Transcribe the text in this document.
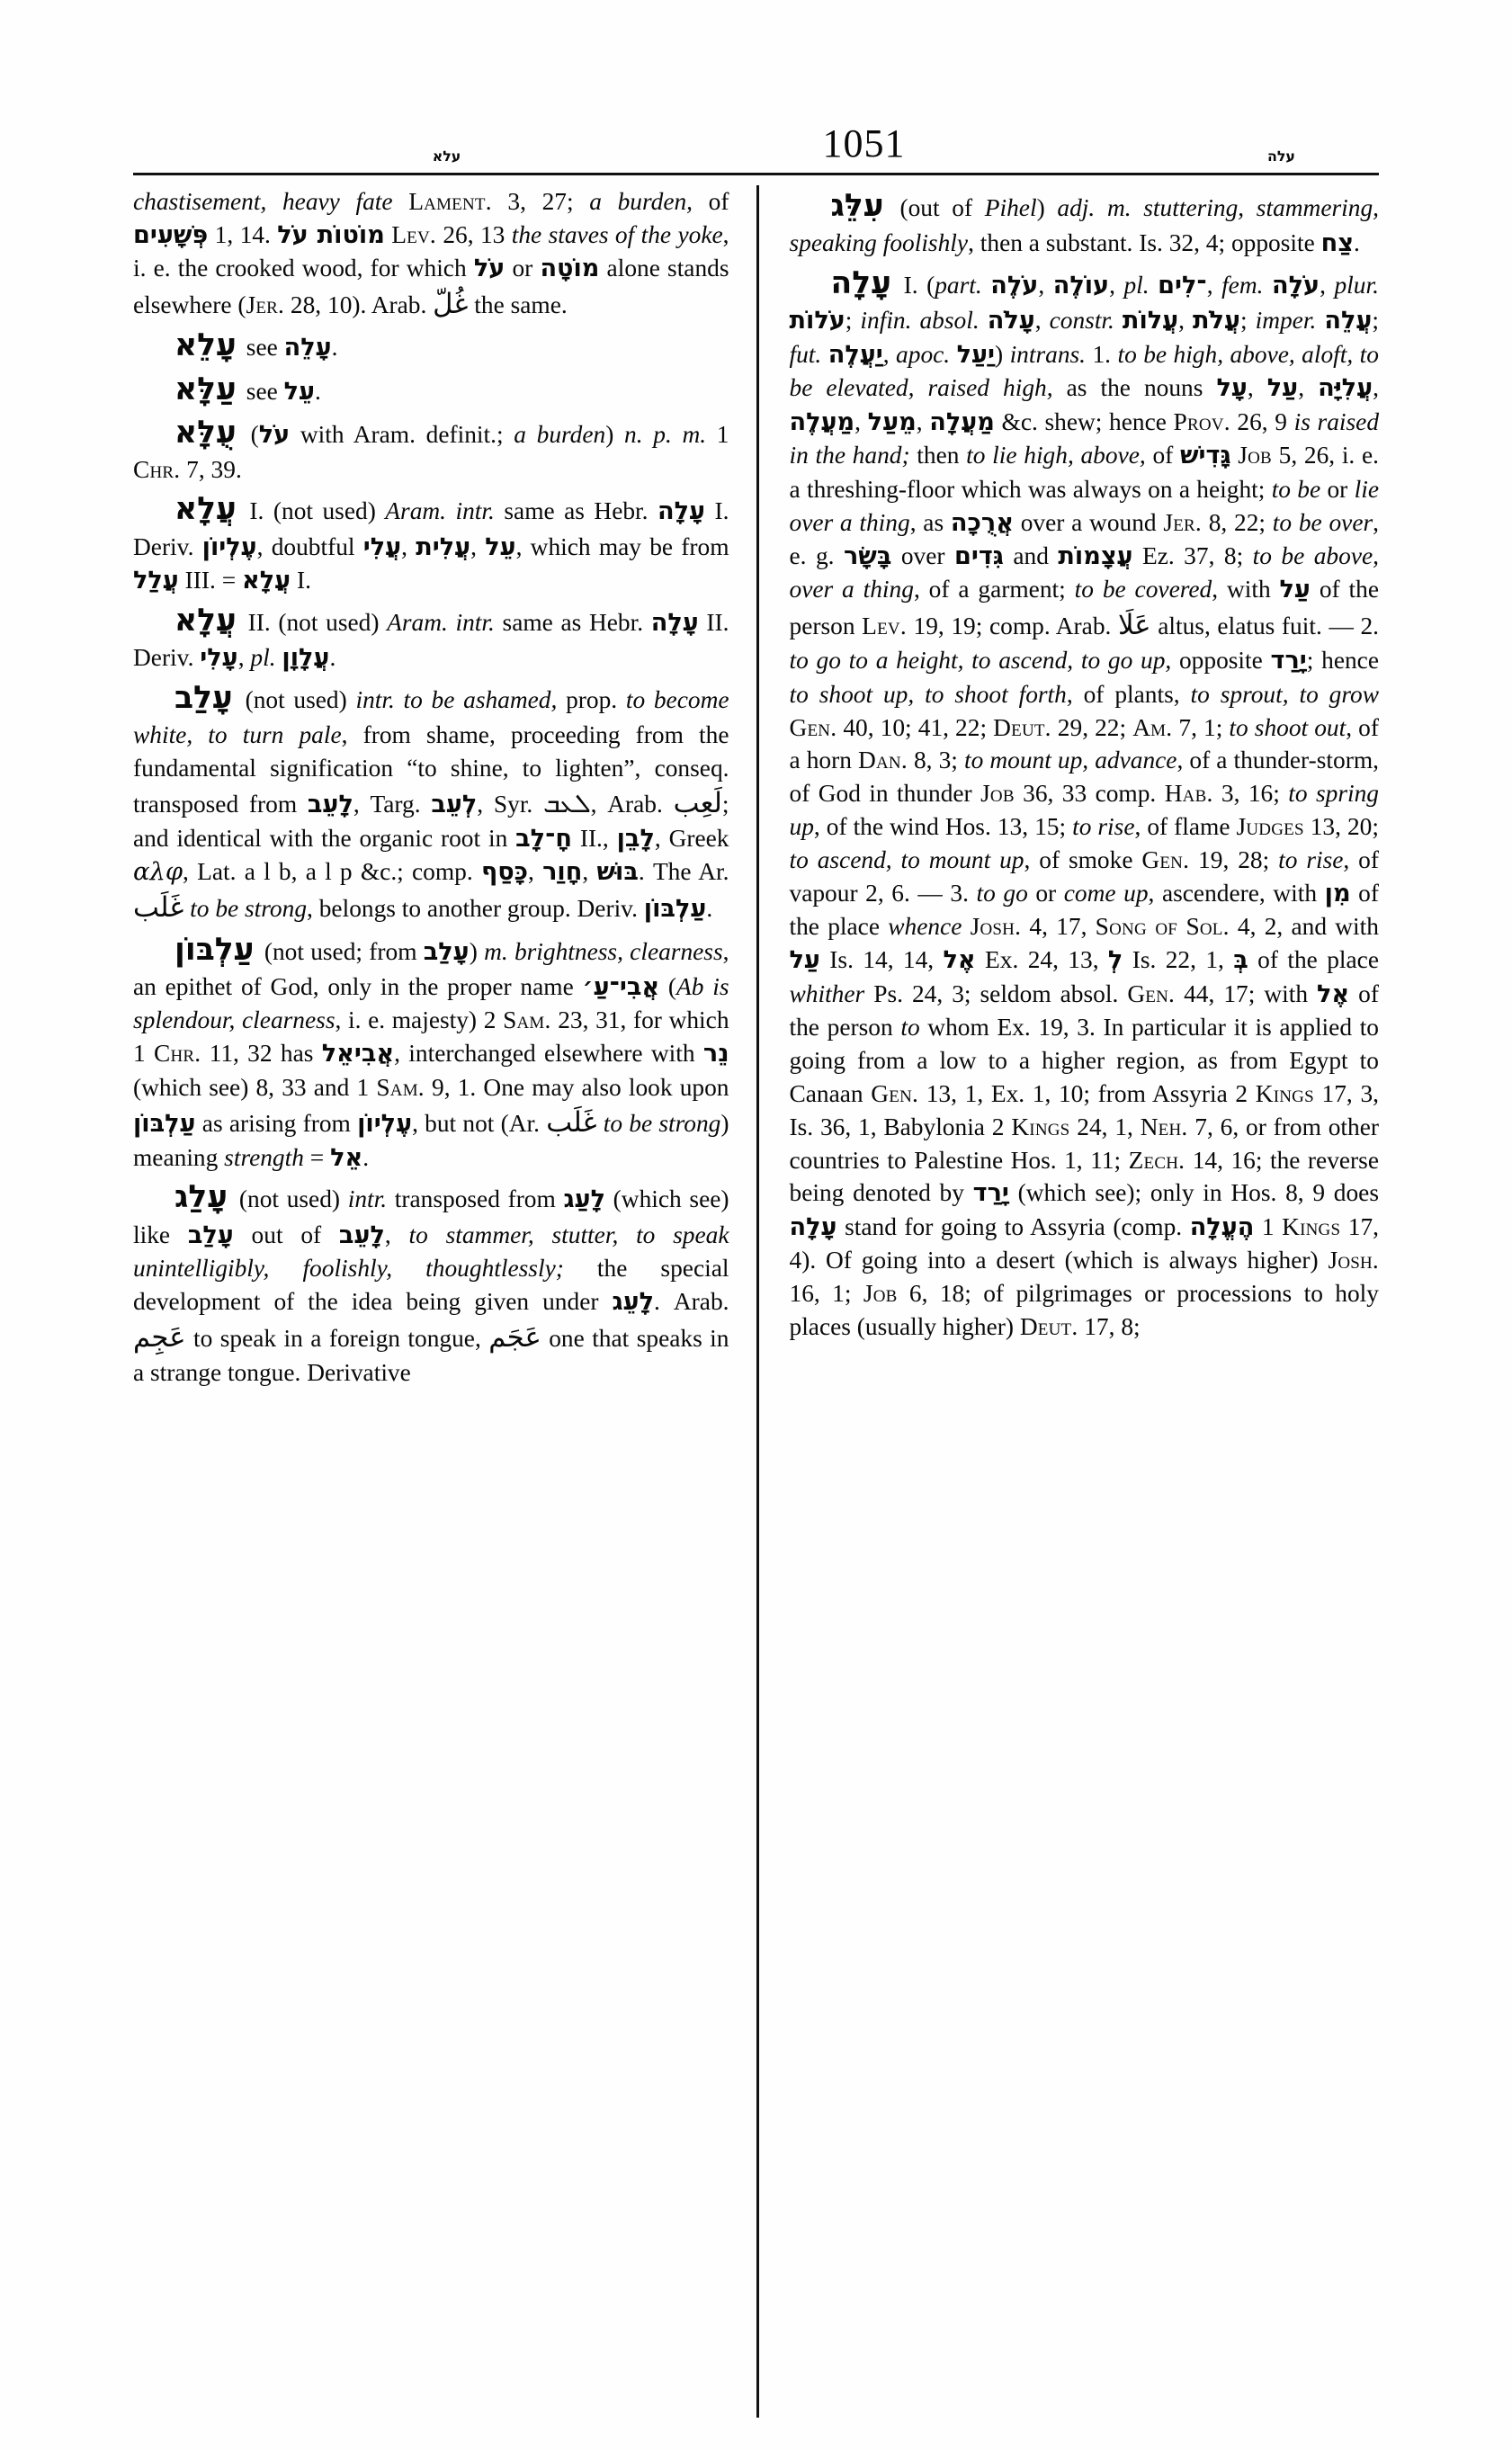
עלא	1051	עלה

chastisement, heavy fate Lament. 3, 27; a burden, of פְּשָׁעִים 1, 14. מוֹטוֹת עֹל Lev. 26, 13 the staves of the yoke, i. e. the crooked wood, for which עֹל or מוֹטָה alone stands elsewhere (Jer. 28, 10). Arab. غُلّ the same.

עָלֵא see עָלֵה.

עַלָּא see עֵל.

עֻלָּא (עֹל with Aram. definit.; a burden) n. p. m. 1 Chr. 7, 39.

עֲלָא I. (not used) Aram. intr. same as Hebr. עָלָה I. Deriv. עֶלְיוֹן, doubtful עֲלִי, עֲלִית, עֵל, which may be from עֲלַל III. = עֲלָא I.

עֲלָא II. (not used) Aram. intr. same as Hebr. עָלָה II. Deriv. עָלִי, pl. עֲלָוָן.

עָלַב (not used) intr. to be ashamed, prop. to become white, to turn pale, from shame, proceeding from the fundamental signification “to shine, to lighten”, conseq. transposed from לָעֵב, Targ. לְעֵב, Syr. ܠܥܒ, Arab. لَعِب; and identical with the organic root in חָ־לָב II., לָבֵן, Greek αλφ, Lat. a l b, a l p &c.; comp. כָּסַף, חָוַר, בּוּשׁ. The Ar. غَلَب to be strong, belongs to another group. Deriv. עַלְבּוֹן.

עַלְבּוֹן (not used; from עָלַב) m. brightness, clearness, an epithet of God, only in the proper name אֲבִי־עַ׳ (Ab is splendour, clearness, i. e. majesty) 2 Sam. 23, 31, for which 1 Chr. 11, 32 has אֲבִיאֵל, interchanged elsewhere with נֵר (which see) 8, 33 and 1 Sam. 9, 1. One may also look upon עַלְבּוֹן as arising from עֶלְיוֹן, but not (Ar. غَلَب to be strong) meaning strength = אֵל.

עָלַג (not used) intr. transposed from לָעַג (which see) like עָלַב out of לָעֵב, to stammer, stutter, to speak unintelligibly, foolishly, thoughtlessly; the special development of the idea being given under לָעֵג. Arab. عَجِم to speak in a foreign tongue, عَجَم one that speaks in a strange tongue. Derivative

עִלֵּג (out of Pihel) adj. m. stuttering, stammering, speaking foolishly, then a substant. Is. 32, 4; opposite צַח.

עָלָה I. (part. עֹלֶה, עוֹלֶה, pl. ־לִים, fem. עֹלָה, plur. עֹלוֹת; infin. absol. עָלֹה, constr. עֲלוֹת, עֲלֹת; imper. עֲלֵה; fut. יַעֲלֶה, apoc. יַעַל) intrans. 1. to be high, above, aloft, to be elevated, raised high, as the nouns עָל, עַל, עֲלִיָּה, מַעֲלֶה, מֵעַל, מַעֲלָה &c. shew; hence Prov. 26, 9 is raised in the hand; then to lie high, above, of גָּדִישׁ Job 5, 26, i. e. a threshing-floor which was always on a height; to be or lie over a thing, as אֲרֻכָה over a wound Jer. 8, 22; to be over, e. g. בָּשָׂר over גִּדִים and עֲצָמוֹת Ez. 37, 8; to be above, over a thing, of a garment; to be covered, with עַל of the person Lev. 19, 19; comp. Arab. عَلَا altus, elatus fuit. — 2. to go to a height, to ascend, to go up, opposite יָרַד; hence to shoot up, to shoot forth, of plants, to sprout, to grow Gen. 40, 10; 41, 22; Deut. 29, 22; Am. 7, 1; to shoot out, of a horn Dan. 8, 3; to mount up, advance, of a thunder-storm, of God in thunder Job 36, 33 comp. Hab. 3, 16; to spring up, of the wind Hos. 13, 15; to rise, of flame Judges 13, 20; to ascend, to mount up, of smoke Gen. 19, 28; to rise, of vapour 2, 6. — 3. to go or come up, ascendere, with מִן of the place whence Josh. 4, 17, Song of Sol. 4, 2, and with עַל Is. 14, 14, אֶל Ex. 24, 13, לְ Is. 22, 1, בְּ of the place whither Ps. 24, 3; seldom absol. Gen. 44, 17; with אֶל of the person to whom Ex. 19, 3. In particular it is applied to going from a low to a higher region, as from Egypt to Canaan Gen. 13, 1, Ex. 1, 10; from Assyria 2 Kings 17, 3, Is. 36, 1, Babylonia 2 Kings 24, 1, Neh. 7, 6, or from other countries to Palestine Hos. 1, 11; Zech. 14, 16; the reverse being denoted by יָרַד (which see); only in Hos. 8, 9 does עָלָה stand for going to Assyria (comp. הֶעֱלָה 1 Kings 17, 4). Of going into a desert (which is always higher) Josh. 16, 1; Job 6, 18; of pilgrimages or processions to holy places (usually higher) Deut. 17, 8;
